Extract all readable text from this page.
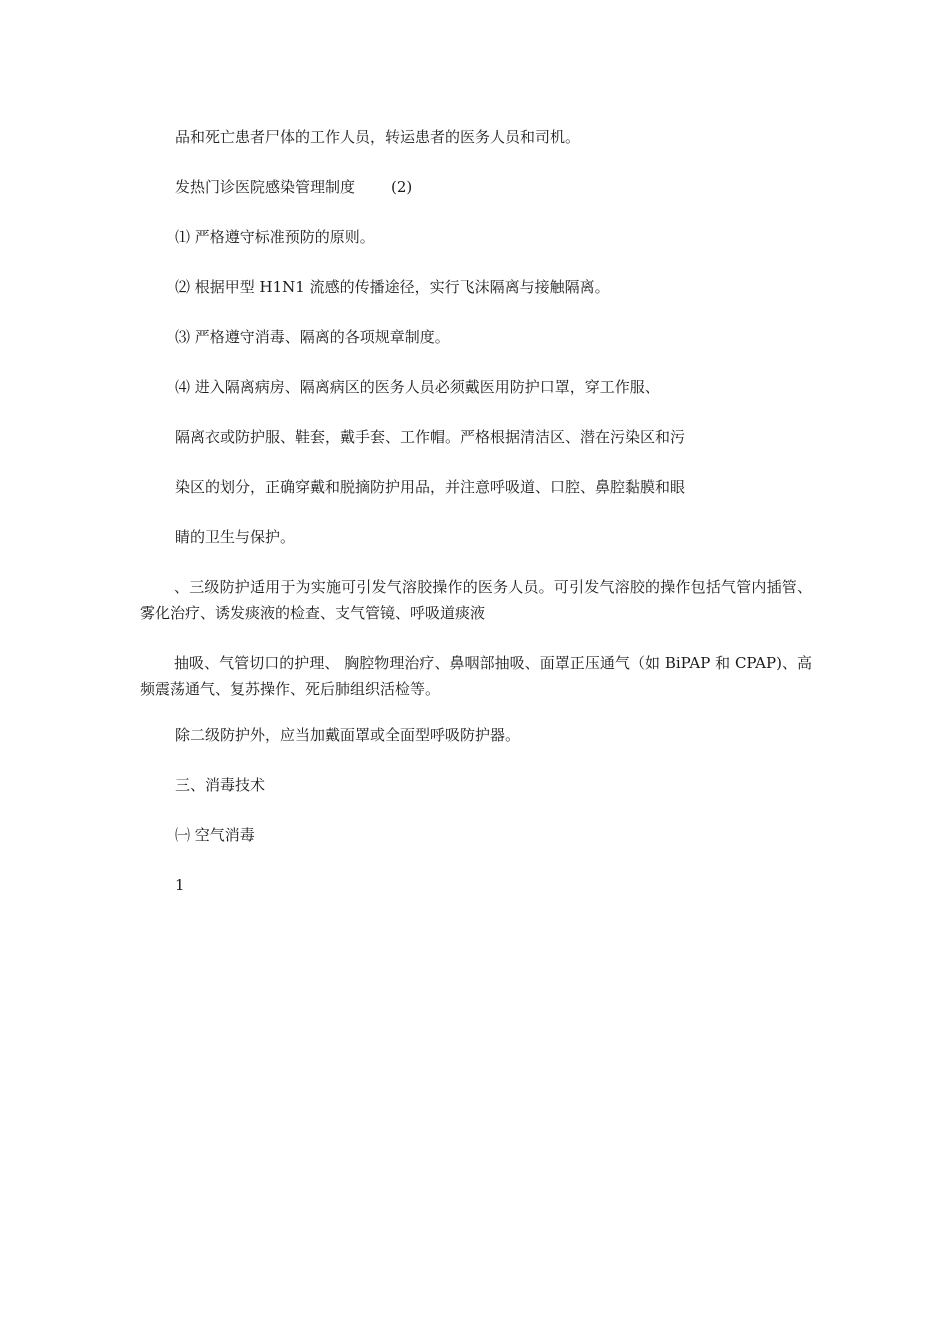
品和死亡患者尸体的工作人员，转运患者的医务人员和司机。
发热门诊医院感染管理制度 (2)
⑴ 严格遵守标准预防的原则。
⑵ 根据甲型 H1N1 流感的传播途径，实行飞沫隔离与接触隔离。
⑶ 严格遵守消毒、隔离的各项规章制度。
⑷ 进入隔离病房、隔离病区的医务人员必须戴医用防护口罩，穿工作服、
隔离衣或防护服、鞋套，戴手套、工作帽。严格根据清洁区、潜在污染区和污
染区的划分，正确穿戴和脱摘防护用品，并注意呼吸道、口腔、鼻腔黏膜和眼
睛的卫生与保护。
、三级防护适用于为实施可引发气溶胶操作的医务人员。可引发气溶胶的操作包括气管内插管、雾化治疗、诱发痰液的检查、支气管镜、呼吸道痰液
抽吸、气管切口的护理、 胸腔物理治疗、鼻咽部抽吸、面罩正压通气（如 BiPAP 和 CPAP)、高频震荡通气、复苏操作、死后肺组织活检等。
除二级防护外，应当加戴面罩或全面型呼吸防护器。
三、消毒技术
㈠ 空气消毒
1
